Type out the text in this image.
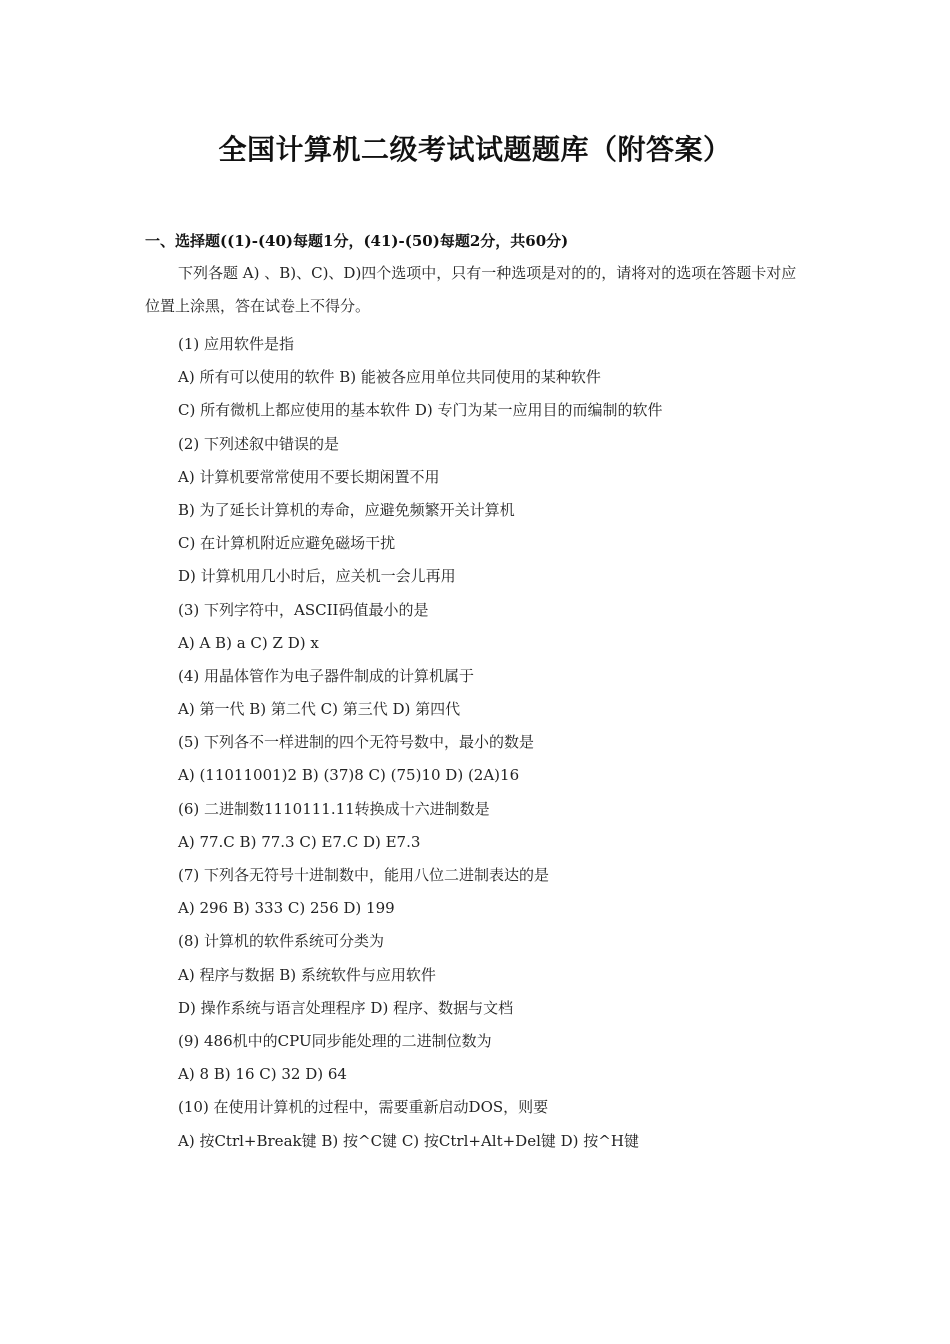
全国计算机二级考试试题题库（附答案）
一、选择题((1)-(40)每题1分，(41)-(50)每题2分，共60分)

下列各题 A) 、B)、C)、D)四个选项中，只有一种选项是对的的，请将对的选项在答题卡对应位置上涂黑，答在试卷上不得分。

(1) 应用软件是指
A) 所有可以使用的软件 B) 能被各应用单位共同使用的某种软件
C) 所有微机上都应使用的基本软件 D) 专门为某一应用目的而编制的软件
(2) 下列述叙中错误的是
A) 计算机要常常使用不要长期闲置不用
B) 为了延长计算机的寿命，应避免频繁开关计算机
C) 在计算机附近应避免磁场干扰
D) 计算机用几小时后，应关机一会儿再用
(3) 下列字符中，ASCII码值最小的是
A) A B) a C) Z D) x
(4) 用晶体管作为电子器件制成的计算机属于
A) 第一代 B) 第二代 C) 第三代 D) 第四代
(5) 下列各不一样进制的四个无符号数中，最小的数是
A) (11011001)2 B) (37)8 C) (75)10 D) (2A)16
(6) 二进制数1110111.11转换成十六进制数是
A) 77.C B) 77.3 C) E7.C D) E7.3
(7) 下列各无符号十进制数中，能用八位二进制表达的是
A) 296 B) 333 C) 256 D) 199
(8) 计算机的软件系统可分类为
A) 程序与数据 B) 系统软件与应用软件
D) 操作系统与语言处理程序 D) 程序、数据与文档
(9) 486机中的CPU同步能处理的二进制位数为
A) 8 B) 16 C) 32 D) 64
(10) 在使用计算机的过程中，需要重新启动DOS，则要
A) 按Ctrl+Break键 B) 按^C键 C) 按Ctrl+Alt+Del键 D) 按^H键
